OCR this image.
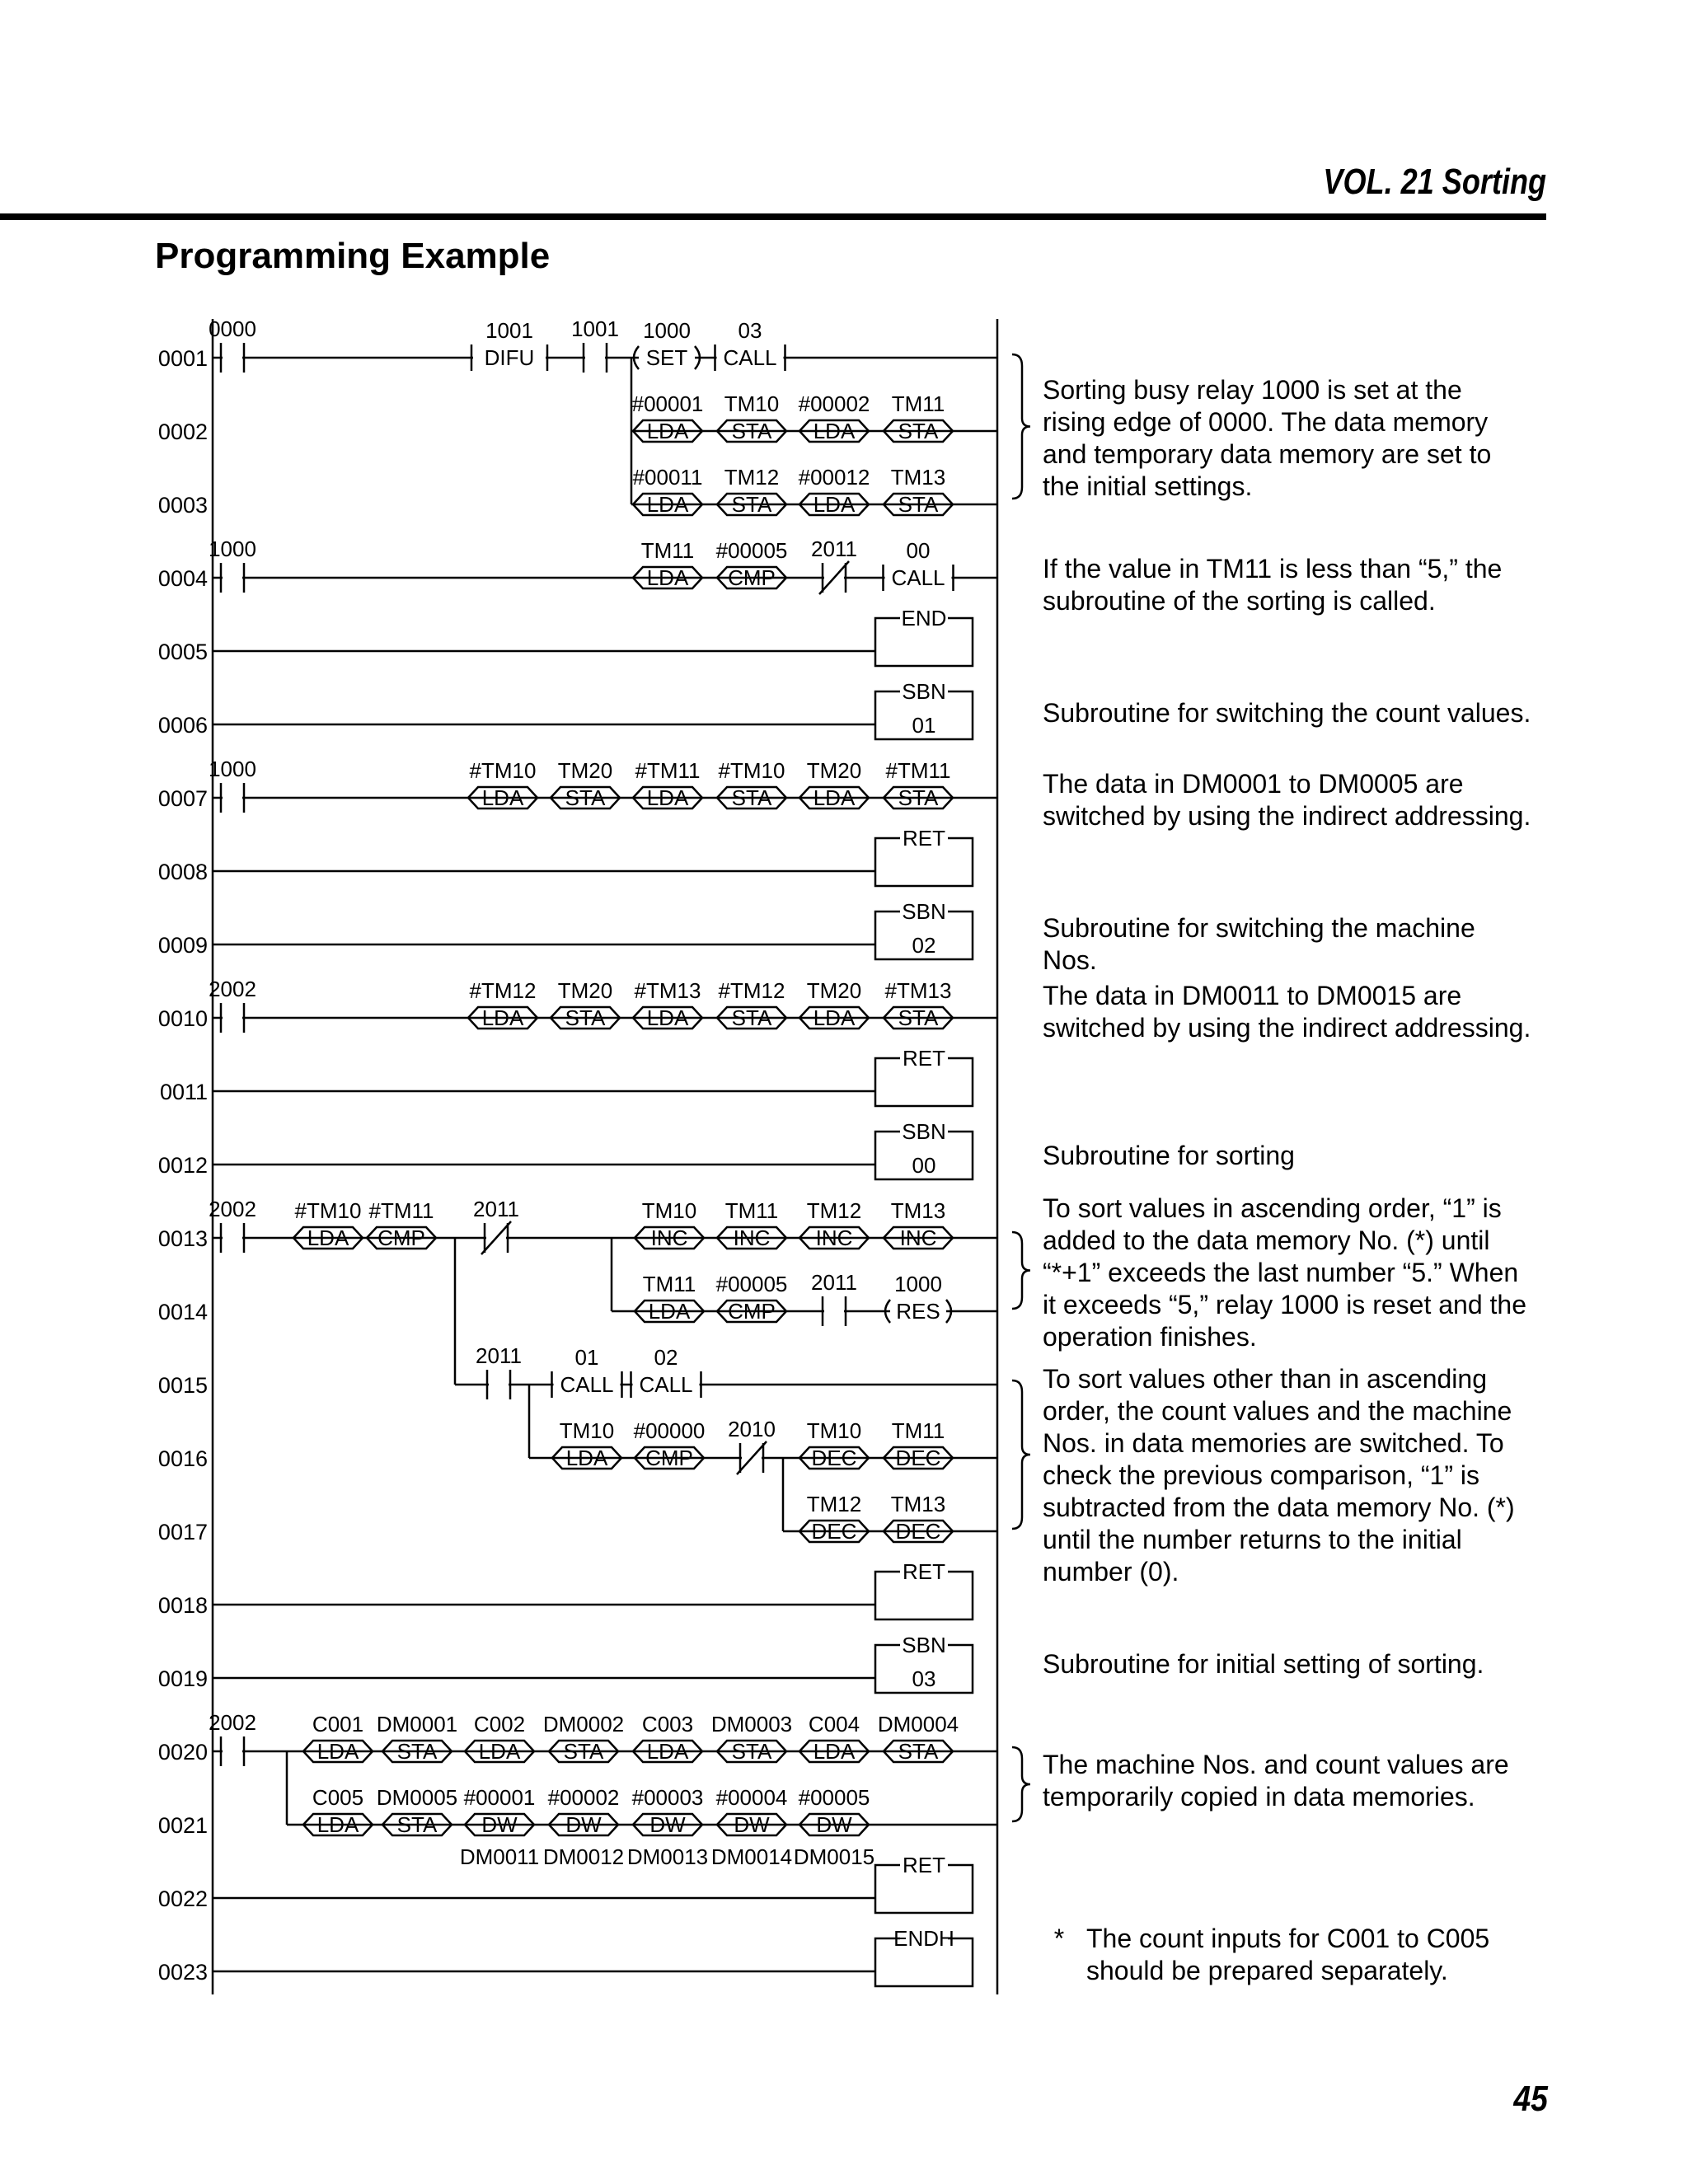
VOL. 21 Sorting
Programming Example
45
0001
0000	1001
DIFU
1001
SET
1000
CALL
03
0002	LDA
#00001
STA
TM10
LDA
#00002
STA
TM11
0003	LDA
#00011
STA
TM12
LDA
#00012
STA
TM13
0004
1000	2011
LDA
TM11
CMP
#00005
CALL
00
0005
END
0006
SBN
01
0007
1000
LDA
#TM10
STA
TM20
LDA
#TM11
STA
#TM10
LDA
TM20
STA
#TM11
0008
RET
0009
SBN
02
0010
2002
LDA
#TM12
STA
TM20
LDA
#TM13
STA
#TM12
LDA
TM20
STA
#TM13
0011
RET
0012
SBN
00
0013
2002	2011
LDA
#TM10
CMP
#TM11
INC
TM10
INC
TM11
INC
TM12
INC
TM13
0014
2011
LDA
TM11
CMP
#00005
RES
1000
0015
2011
CALL
01
CALL
02
0016
2010
LDA
TM10
CMP
#00000
DEC
TM10
DEC
TM11
0017	DEC
TM12
DEC
TM13
0018
RET
0019
SBN
03
0020
2002
LDA
C001
STA
DM0001
LDA
C002
STA
DM0002
LDA
C003
STA
DM0003
LDA
C004
STA
DM0004
0021	LDA
C005
STA
DM0005
DW
#00001
DM0011
DW
#00002
DM0012
DW
#00003
DM0013
DW
#00004
DM0014
DW
#00005
DM0015
0022
RET
0023
ENDH
Sorting busy relay 1000 is set at the
rising edge of 0000. The data memory
and temporary data memory are set to
the initial settings.
If the value in TM11 is less than “5,” the
subroutine of the sorting is called.
Subroutine for switching the count values.
The data in DM0001 to DM0005 are
switched by using the indirect addressing.
Subroutine for switching the machine
Nos.
The data in DM0011 to DM0015 are
switched by using the indirect addressing.
Subroutine for sorting
To sort values in ascending order, “1” is
added to the data memory No. (*) until
“*+1” exceeds the last number “5.” When
it exceeds “5,” relay 1000 is reset and the
operation finishes.
To sort values other than in ascending
order, the count values and the machine
Nos. in data memories are switched. To
check the previous comparison, “1” is
subtracted from the data memory No. (*)
until the number returns to the initial
number (0).
Subroutine for initial setting of sorting.
The machine Nos. and count values are
temporarily copied in data memories.
* The count inputs for C001 to C005
should be prepared separately.
